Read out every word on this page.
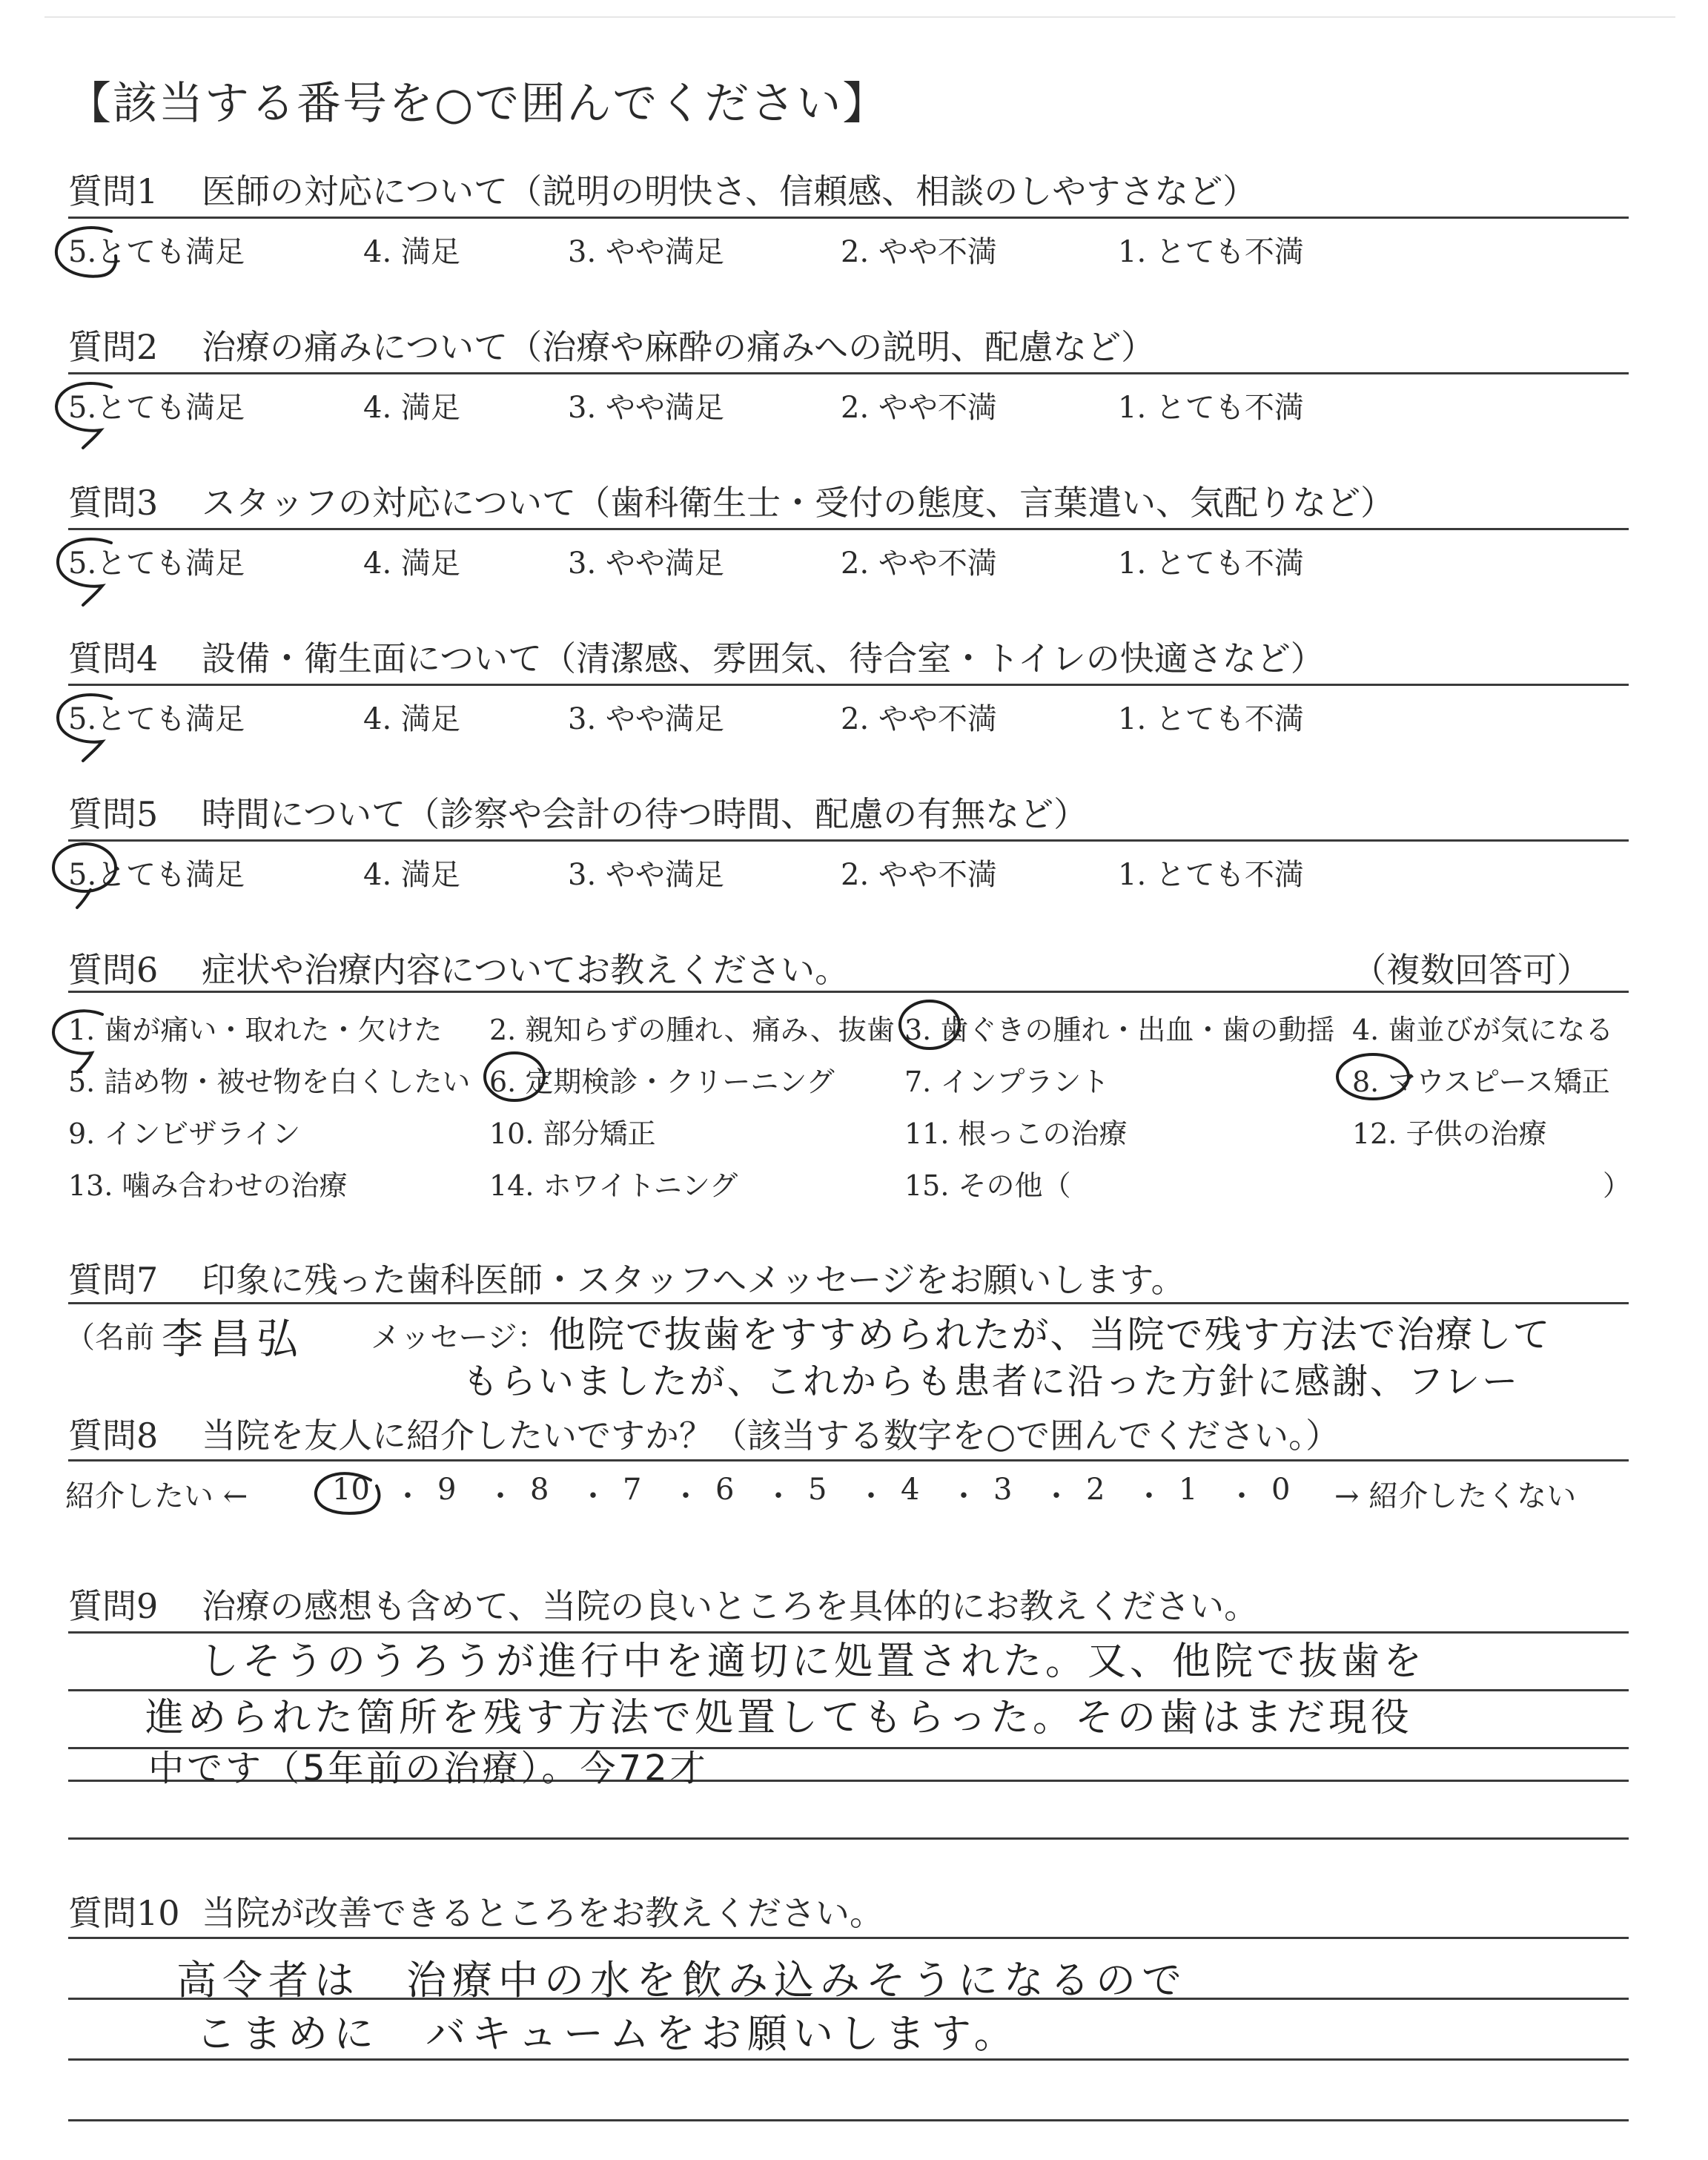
【該当する番号を○で囲んでください】
質問1 医師の対応について（説明の明快さ、信頼感、相談のしやすさなど）
5.とても満足	4. 満足	3. やや満足	2. やや不満	1. とても不満
質問2 治療の痛みについて（治療や麻酔の痛みへの説明、配慮など）
5.とても満足	4. 満足	3. やや満足	2. やや不満	1. とても不満
質問3 スタッフの対応について（歯科衛生士・受付の態度、言葉遣い、気配りなど）
5.とても満足	4. 満足	3. やや満足	2. やや不満	1. とても不満
質問4 設備・衛生面について（清潔感、雰囲気、待合室・トイレの快適さなど）
5.とても満足	4. 満足	3. やや満足	2. やや不満	1. とても不満
質問5 時間について（診察や会計の待つ時間、配慮の有無など）
5.とても満足	4. 満足	3. やや満足	2. やや不満	1. とても不満
質問6 症状や治療内容についてお教えください。	（複数回答可）
1. 歯が痛い・取れた・欠けた 2. 親知らずの腫れ、痛み、抜歯 3. 歯ぐきの腫れ・出血・歯の動揺 4. 歯並びが気になる
5. 詰め物・被せ物を白くしたい 6. 定期検診・クリーニング 7. インプラント	8. マウスピース矯正
9. インビザライン	10. 部分矯正	11. 根っこの治療	12. 子供の治療
13. 噛み合わせの治療	14. ホワイトニング	15. その他（	）
質問7 印象に残った歯科医師・スタッフへメッセージをお願いします。
（名前 李昌弘 メッセージ： 他院で抜歯をすすめられたが、当院で残す方法で治療して
もらいましたが、これからも患者に沿った方針に感謝、フレー
質問8 当院を友人に紹介したいですか？（該当する数字を○で囲んでください。）
紹介したい ←	10 ・ 9 ・ 8 ・ 7 ・ 6 ・ 5 ・ 4 ・ 3 ・ 2 ・ 1 ・ 0 → 紹介したくない
質問9 治療の感想も含めて、当院の良いところを具体的にお教えください。
しそうのうろうが進行中を適切に処置された。又、他院で抜歯を
進められた箇所を残す方法で処置してもらった。その歯はまだ現役
中です（5年前の治療）。今72才
質問10 当院が改善できるところをお教えください。
高令者は　治療中の水を飲み込みそうになるので
こまめに　バキュームをお願いします。
